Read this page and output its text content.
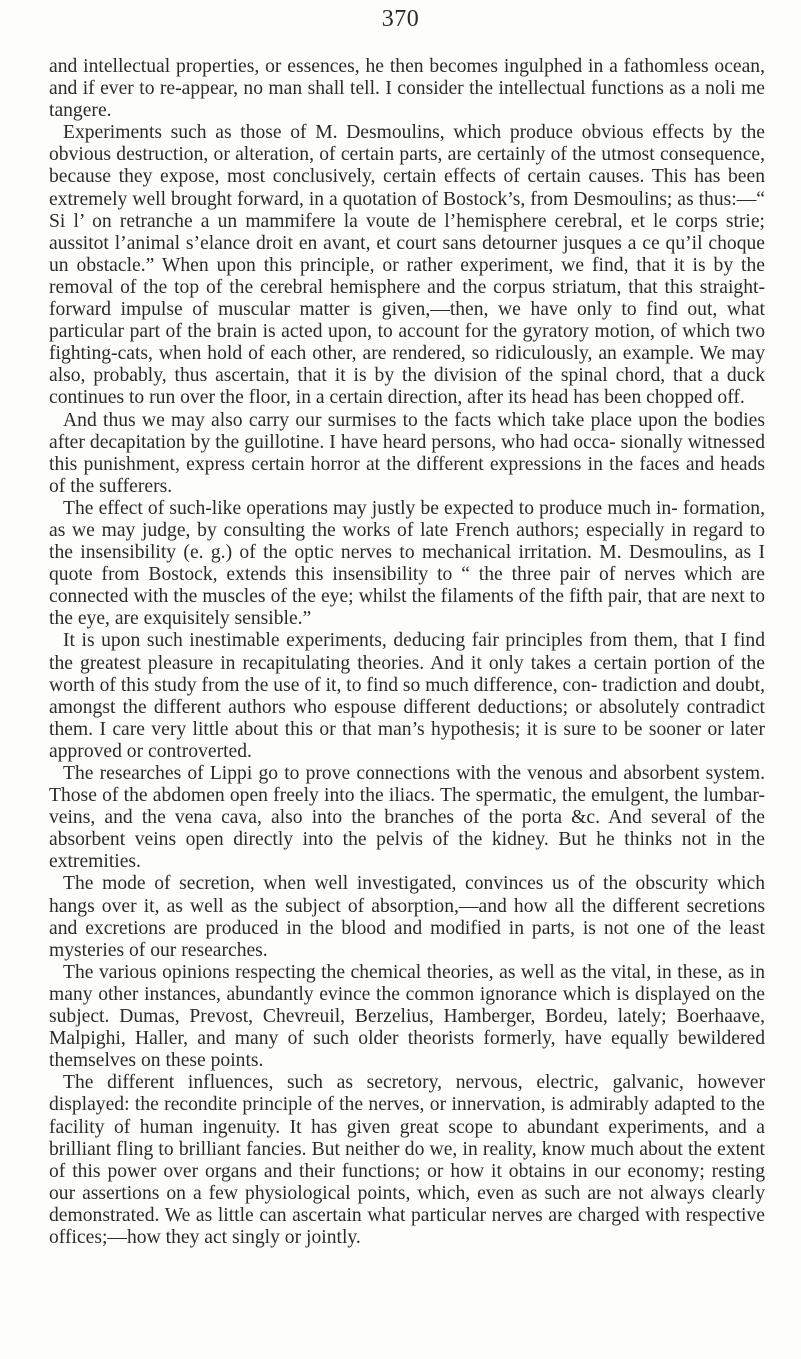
370

and intellectual properties, or essences, he then becomes ingulphed in a fathomless ocean, and if ever to re-appear, no man shall tell. I consider the intellectual functions as a noli me tangere.

Experiments such as those of M. Desmoulins, which produce obvious effects by the obvious destruction, or alteration, of certain parts, are certainly of the utmost consequence, because they expose, most conclusively, certain effects of certain causes. This has been extremely well brought forward, in a quotation of Bostock’s, from Desmoulins; as thus:—“ Si l’ on retranche a un mammifere la voute de l’hemisphere cerebral, et le corps strie; aussitot l’animal s’elance droit en avant, et court sans detourner jusques a ce qu’il choque un obstacle.” When upon this principle, or rather experiment, we find, that it is by the removal of the top of the cerebral hemisphere and the corpus striatum, that this straight-forward impulse of muscular matter is given,—then, we have only to find out, what particular part of the brain is acted upon, to account for the gyratory motion, of which two fighting-cats, when hold of each other, are rendered, so ridiculously, an example. We may also, probably, thus ascertain, that it is by the division of the spinal chord, that a duck continues to run over the floor, in a certain direction, after its head has been chopped off.

And thus we may also carry our surmises to the facts which take place upon the bodies after decapitation by the guillotine. I have heard persons, who had occa- sionally witnessed this punishment, express certain horror at the different expressions in the faces and heads of the sufferers.

The effect of such-like operations may justly be expected to produce much in- formation, as we may judge, by consulting the works of late French authors; especially in regard to the insensibility (e. g.) of the optic nerves to mechanical irritation. M. Desmoulins, as I quote from Bostock, extends this insensibility to “ the three pair of nerves which are connected with the muscles of the eye; whilst the filaments of the fifth pair, that are next to the eye, are exquisitely sensible.”

It is upon such inestimable experiments, deducing fair principles from them, that I find the greatest pleasure in recapitulating theories. And it only takes a certain portion of the worth of this study from the use of it, to find so much difference, con- tradiction and doubt, amongst the different authors who espouse different deductions; or absolutely contradict them. I care very little about this or that man’s hypothesis; it is sure to be sooner or later approved or controverted.

The researches of Lippi go to prove connections with the venous and absorbent system. Those of the abdomen open freely into the iliacs. The spermatic, the emulgent, the lumbar-veins, and the vena cava, also into the branches of the porta &c. And several of the absorbent veins open directly into the pelvis of the kidney. But he thinks not in the extremities.

The mode of secretion, when well investigated, convinces us of the obscurity which hangs over it, as well as the subject of absorption,—and how all the different secretions and excretions are produced in the blood and modified in parts, is not one of the least mysteries of our researches.

The various opinions respecting the chemical theories, as well as the vital, in these, as in many other instances, abundantly evince the common ignorance which is displayed on the subject. Dumas, Prevost, Chevreuil, Berzelius, Hamberger, Bordeu, lately; Boerhaave, Malpighi, Haller, and many of such older theorists formerly, have equally bewildered themselves on these points.

The different influences, such as secretory, nervous, electric, galvanic, however displayed: the recondite principle of the nerves, or innervation, is admirably adapted to the facility of human ingenuity. It has given great scope to abundant experiments, and a brilliant fling to brilliant fancies. But neither do we, in reality, know much about the extent of this power over organs and their functions; or how it obtains in our economy; resting our assertions on a few physiological points, which, even as such are not always clearly demonstrated. We as little can ascertain what particular nerves are charged with respective offices;—how they act singly or jointly.
